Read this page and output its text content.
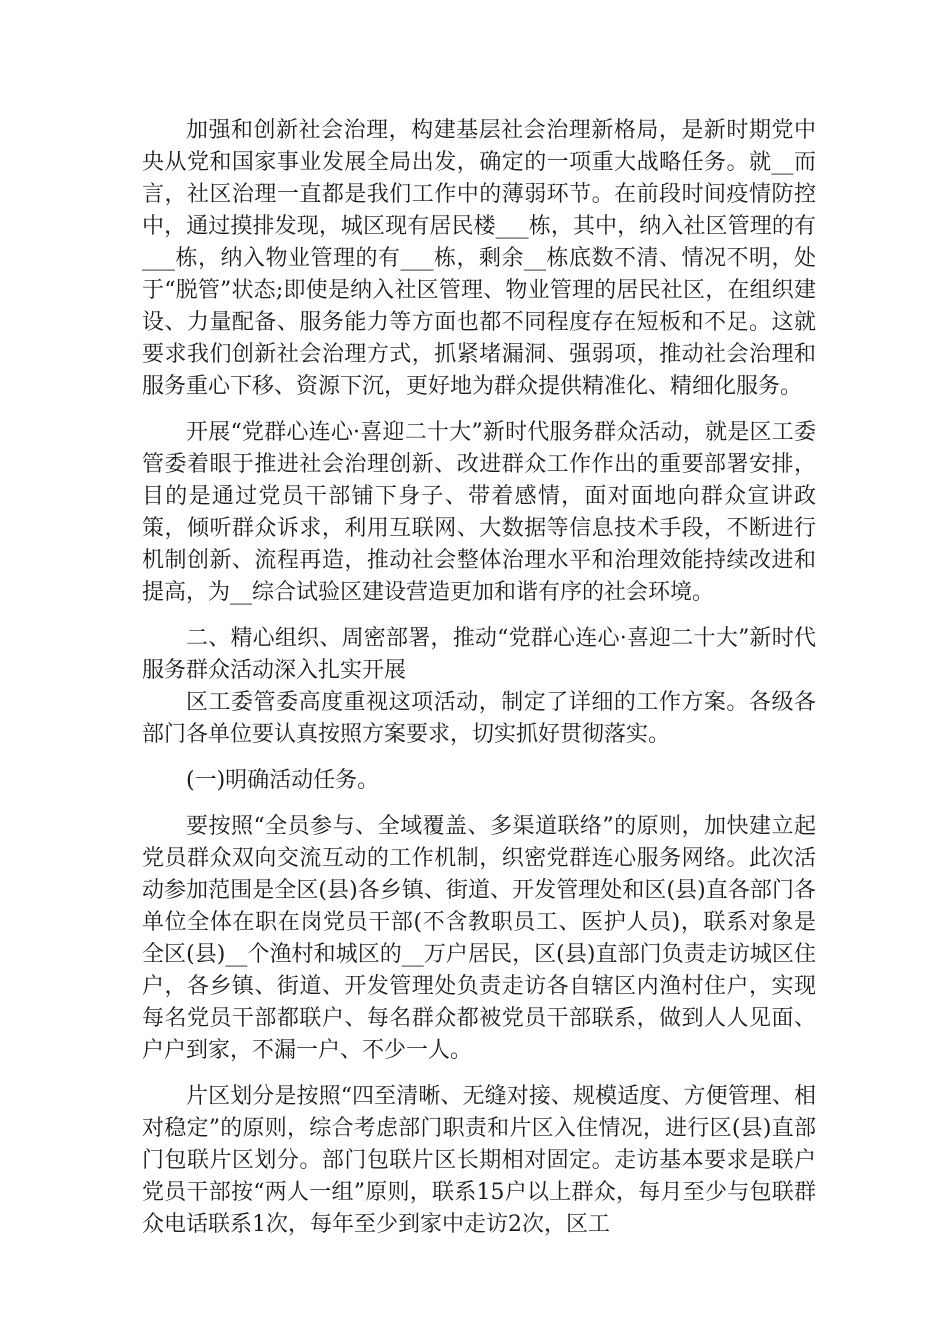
加强和创新社会治理，构建基层社会治理新格局，是新时期党中央从党和国家事业发展全局出发，确定的一项重大战略任务。就__而言，社区治理一直都是我们工作中的薄弱环节。在前段时间疫情防控中，通过摸排发现，城区现有居民楼___栋，其中，纳入社区管理的有___栋，纳入物业管理的有___栋，剩余__栋底数不清、情况不明，处于“脱管”状态;即使是纳入社区管理、物业管理的居民社区，在组织建设、力量配备、服务能力等方面也都不同程度存在短板和不足。这就要求我们创新社会治理方式，抓紧堵漏洞、强弱项，推动社会治理和服务重心下移、资源下沉，更好地为群众提供精准化、精细化服务。

开展“党群心连心·喜迎二十大”新时代服务群众活动，就是区工委管委着眼于推进社会治理创新、改进群众工作作出的重要部署安排，目的是通过党员干部铺下身子、带着感情，面对面地向群众宣讲政策，倾听群众诉求，利用互联网、大数据等信息技术手段，不断进行机制创新、流程再造，推动社会整体治理水平和治理效能持续改进和提高，为__综合试验区建设营造更加和谐有序的社会环境。

二、精心组织、周密部署，推动“党群心连心·喜迎二十大”新时代服务群众活动深入扎实开展

区工委管委高度重视这项活动，制定了详细的工作方案。各级各部门各单位要认真按照方案要求，切实抓好贯彻落实。

(一)明确活动任务。

要按照“全员参与、全域覆盖、多渠道联络”的原则，加快建立起党员群众双向交流互动的工作机制，织密党群连心服务网络。此次活动参加范围是全区(县)各乡镇、街道、开发管理处和区(县)直各部门各单位全体在职在岗党员干部(不含教职员工、医护人员)，联系对象是全区(县)__个渔村和城区的__万户居民，区(县)直部门负责走访城区住户，各乡镇、街道、开发管理处负责走访各自辖区内渔村住户，实现每名党员干部都联户、每名群众都被党员干部联系，做到人人见面、户户到家，不漏一户、不少一人。

片区划分是按照“四至清晰、无缝对接、规模适度、方便管理、相对稳定”的原则，综合考虑部门职责和片区入住情况，进行区(县)直部门包联片区划分。部门包联片区长期相对固定。走访基本要求是联户党员干部按“两人一组”原则，联系15户以上群众，每月至少与包联群众电话联系1次，每年至少到家中走访2次，区工
